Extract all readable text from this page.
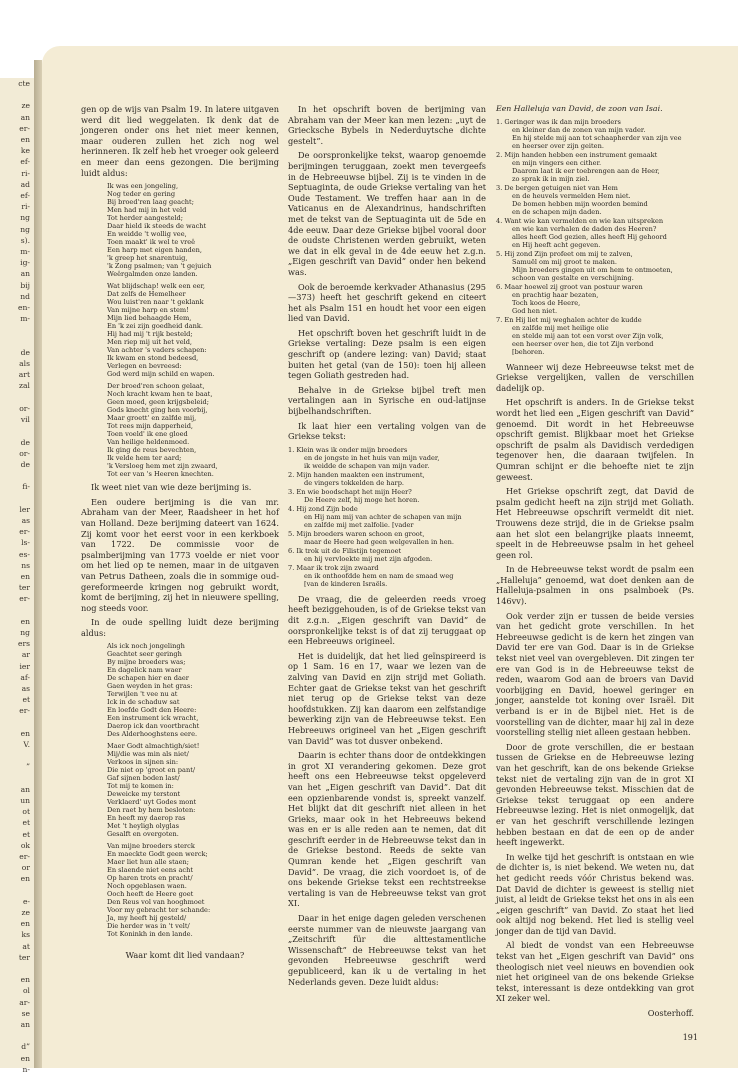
cte

ze
an
er-
en
ke
ef-
ri-
ad
ef-
ri-
ng
ng
s).
m-
ig-
an
bij
nd
en-
m-

de
als
art
zal

or-
vil

de
or-
de

fi-

ler
as
er-
ls-
es-
ns
en
ter
er-

en
ng
ers
ar
ier
af-
as
et
er-

en
V.

”

an
un
ot
et
et
ok
er-
or
en

e-
ze
en
ks
at
ter

en
ol
ar-
se
an

d”
en
n-

gen op de wijs van Psalm 19. In latere uitgaven werd dit lied weggelaten. Ik denk dat de jongeren onder ons het niet meer kennen, maar ouderen zullen het zich nog wel herinneren. Ik zelf heb het vroeger ook geleerd en meer dan eens gezongen. Die berijming luidt aldus:

Ik was een jongeling,
Nog teder en gering
Bij broed'ren laag geacht;
Men had mij in het veld
Tot herder aangesteld;
Daar hield ik steeds de wacht
En weidde 't wollig vee,
Toen maakt' ik wel te vreê
Een harp met eigen handen,
'k greep het snarentuig,
'k Zong psalmen; van 't gejuich
Weêrgalmden onze landen.
Wat blijdschap! welk een eer,
Dat zelfs de Hemelheer
Wou luist'ren naar 't geklank
Van mijne harp en stem!
Mijn lied behaagde Hem,
En 'k zei zijn goedheid dank.
Hij had mij 't rijk besteld;
Men riep mij uit het veld,
Van achter 's vaders schapen:
Ik kwam en stond bedeesd,
Verlegen en bevreesd:
God werd mijn schild en wapen.
Der broed'ren schoon gelaat,
Noch kracht kwam hen te baat,
Geen moed, geen krijgsbeleid;
Gods knecht ging hen voorbij,
Maar groett' en zalfde mij,
Tot rees mijn dapperheid,
Toen voeld' ik ene gloed
Van heilige heldenmoed.
Ik ging de reus bevechten,
Ik velde hem ter aard;
'k Versloeg hem met zijn zwaard,
Tot eer van 's Heeren knechten.

Ik weet niet van wie deze berijming is.

Een oudere berijming is die van mr. Abraham van der Meer, Raadsheer in het hof van Holland. Deze berijming dateert van 1624. Zij komt voor het eerst voor in een kerkboek van 1722. De commissie voor de psalmberijming van 1773 voelde er niet voor om het lied op te nemen, maar in de uitgaven van Petrus Datheen, zoals die in sommige oud-gereformeerde kringen nog gebruikt wordt, komt de berijming, zij het in nieuwere spelling, nog steeds voor.

In de oude spelling luidt deze berijming aldus:

Als ick noch jongelingh
Geachtet seer geringh
By mijne broeders was;
En dagelick nam waer
De schapen hier en daer
Gaen weyden in het gras:
Terwijlen 't vee nu at
Ick in de schaduw sat
En loefde Godt den Heere:
Een instrument ick wracht,
Daerop ick dan voortbracht
Des Alderhooghstens eere.
Maer Godt almachtigh/siet!
Mij/die was min als niet/
Verkoos in sijnen sin:
Die niet op 'groot en pant/
Gaf sijnen boden last/
Tot mij te komen in:
Deweicke my terstont
Verklaerd' uyt Godes mont
Den raet by hem besloten:
En heeft my daerop ras
Met 't heyligh olyglas
Gesalft en overgoten.
Van mijne broeders sterck
En maeckte Godt geen werck;
Maer liet hun alle staen;
En slaende niet eens acht
Op haren trots en pracht/
Noch opgeblasen waen.
Ooch heeft de Heere goet
Den Reus vol van hooghmoet
Voor my gebracht ter schande:
Ja, my heeft hij gesteld/
Die herder was in 't velt/
Tot Koninkh in den lande.

Waar komt dit lied vandaan?

In het opschrift boven de berijming van Abraham van der Meer kan men lezen: „uyt de Griecksche Bybels in Nederduytsche dichte gestelt”.

De oorspronkelijke tekst, waarop genoemde berijmingen teruggaan, zoekt men tevergeefs in de Hebreeuwse bijbel. Zij is te vinden in de Septuaginta, de oude Griekse vertaling van het Oude Testament. We treffen haar aan in de Vaticanus en de Alexandrinus, handschriften met de tekst van de Septuaginta uit de 5de en 4de eeuw. Daar deze Griekse bijbel vooral door de oudste Christenen werden gebruikt, weten we dat in elk geval in de 4de eeuw het z.g.n. „Eigen geschrift van David” onder hen bekend was.

Ook de beroemde kerkvader Athanasius (295—373) heeft het geschrift gekend en citeert het als Psalm 151 en houdt het voor een eigen lied van David.

Het opschrift boven het geschrift luidt in de Griekse vertaling: Deze psalm is een eigen geschrift op (andere lezing: van) David; staat buiten het getal (van de 150): toen hij alleen tegen Goliath gestreden had.

Behalve in de Griekse bijbel treft men vertalingen aan in Syrische en oud-latijnse bijbelhandschriften.

Ik laat hier een vertaling volgen van de Griekse tekst:

1. Klein was ik onder mijn broeders
en de jongste in het huis van mijn vader,
ik weidde de schapen van mijn vader.
2. Mijn handen maakten een instrument,
de vingers tokkelden de harp.
3. En wie boodschapt het mijn Heer?
De Heere zelf, hij moge het horen.
4. Hij zond Zijn bode
en Hij nam mij van achter de schapen van mijn
en zalfde mij met zalfolie. [vader
5. Mijn broeders waren schoon en groot,
maar de Heere had geen welgevallen in hen.
6. Ik trok uit de Filistijn tegemoet
en hij vervloekte mij met zijn afgoden.
7. Maar ik trok zijn zwaard
en ik onthoofdde hem en nam de smaad weg
[van de kinderen Israëls.

De vraag, die de geleerden reeds vroeg heeft beziggehouden, is of de Griekse tekst van dit z.g.n. „Eigen geschrift van David” de oorspronkelijke tekst is of dat zij teruggaat op een Hebreeuws origineel.

Het is duidelijk, dat het lied geïnspireerd is op 1 Sam. 16 en 17, waar we lezen van de zalving van David en zijn strijd met Goliath. Echter gaat de Griekse tekst van het geschrift niet terug op de Griekse tekst van deze hoofdstukken. Zij kan daarom een zelfstandige bewerking zijn van de Hebreeuwse tekst. Een Hebreeuws origineel van het „Eigen geschrift van David” was tot dusver onbekend.

Daarin is echter thans door de ontdekkingen in grot XI verandering gekomen. Deze grot heeft ons een Hebreeuwse tekst opgeleverd van het „Eigen geschrift van David”. Dat dit een opzienbarende vondst is, spreekt vanzelf. Het blijkt dat dit geschrift niet alleen in het Grieks, maar ook in het Hebreeuws bekend was en er is alle reden aan te nemen, dat dit geschrift eerder in de Hebreeuwse tekst dan in de Griekse bestond. Reeds de sekte van Qumran kende het „Eigen geschrift van David”. De vraag, die zich voordoet is, of de ons bekende Griekse tekst een rechtstreekse vertaling is van de Hebreeuwse tekst van grot XI.

Daar in het enige dagen geleden verschenen eerste nummer van de nieuwste jaargang van „Zeitschrift für die alttestamentliche Wissenschaft” de Hebreeuwse tekst van het gevonden Hebreeuwse geschrift werd gepubliceerd, kan ik u de vertaling in het Nederlands geven. Deze luidt aldus:

Een Halleluja van David, de zoon van Isai.
1. Geringer was ik dan mijn broeders
en kleiner dan de zonen van mijn vader.
En hij stelde mij aan tot schaapherder van zijn vee
en heerser over zijn geiten.
2. Mijn handen hebben een instrument gemaakt
en mijn vingers een cither.
Daarom laat ik eer toebrengen aan de Heer,
zo sprak ik in mijn ziel.
3. De bergen getuigen niet van Hem
en de heuvels vermelden Hem niet.
De bomen hebben mijn woorden bemind
en de schapen mijn daden.
4. Want wie kan vermelden en wie kan uitspreken
en wie kan verhalen de daden des Heeren?
alles heeft God gezien, alles heeft Hij gehoord
en Hij heeft acht gegeven.
5. Hij zond Zijn profeet om mij te zalven,
Samuël om mij groot te maken.
Mijn broeders gingen uit om hem te ontmoeten,
schoon van gestalte en verschijning.
6. Maar hoewel zij groot van postuur waren
en prachtig haar bezaten,
Toch koos de Heere,
God hen niet.
7. En Hij liet mij weghalen achter de kudde
en zalfde mij met heilige olie
en stelde mij aan tot een vorst over Zijn volk,
een heerser over hen, die tot Zijn verbond
[behoren.

Wanneer wij deze Hebreeuwse tekst met de Griekse vergelijken, vallen de verschillen dadelijk op.

Het opschrift is anders. In de Griekse tekst wordt het lied een „Eigen geschrift van David” genoemd. Dit wordt in het Hebreeuwse opschrift gemist. Blijkbaar moet het Griekse opschrift de psalm als Davidisch verdedigen tegenover hen, die daaraan twijfelen. In Qumran schijnt er die behoefte niet te zijn geweest.

Het Griekse opschrift zegt, dat David de psalm gedicht heeft na zijn strijd met Goliath. Het Hebreeuwse opschrift vermeldt dit niet. Trouwens deze strijd, die in de Griekse psalm aan het slot een belangrijke plaats inneemt, speelt in de Hebreeuwse psalm in het geheel geen rol.

In de Hebreeuwse tekst wordt de psalm een „Halleluja” genoemd, wat doet denken aan de Halleluja-psalmen in ons psalmboek (Ps. 146vv).

Ook verder zijn er tussen de beide versies van het gedicht grote verschillen. In het Hebreeuwse gedicht is de kern het zingen van David ter ere van God. Daar is in de Griekse tekst niet veel van overgebleven. Dit zingen ter ere van God is in de Hebreeuwse tekst de reden, waarom God aan de broers van David voorbijging en David, hoewel geringer en jonger, aanstelde tot koning over Israël. Dit verband is er in de Bijbel niet. Het is de voorstelling van de dichter, maar hij zal in deze voorstelling stellig niet alleen gestaan hebben.

Door de grote verschillen, die er bestaan tussen de Griekse en de Hebreeuwse lezing van het geschrift, kan de ons bekende Griekse tekst niet de vertaling zijn van de in grot XI gevonden Hebreeuwse tekst. Misschien dat de Griekse tekst teruggaat op een andere Hebreeuwse lezing. Het is niet onmogelijk, dat er van het geschrift verschillende lezingen hebben bestaan en dat de een op de ander heeft ingewerkt.

In welke tijd het geschrift is ontstaan en wie de dichter is, is niet bekend. We weten nu, dat het gedicht reeds vóór Christus bekend was. Dat David de dichter is geweest is stellig niet juist, al leidt de Griekse tekst het ons in als een „eigen geschrift” van David. Zo staat het lied ook altijd nog bekend. Het lied is stellig veel jonger dan de tijd van David.

Al biedt de vondst van een Hebreeuwse tekst van het „Eigen geschrift van David” ons theologisch niet veel nieuws en bovendien ook niet het origineel van de ons bekende Griekse tekst, interessant is deze ontdekking van grot XI zeker wel.

Oosterhoff.
191
